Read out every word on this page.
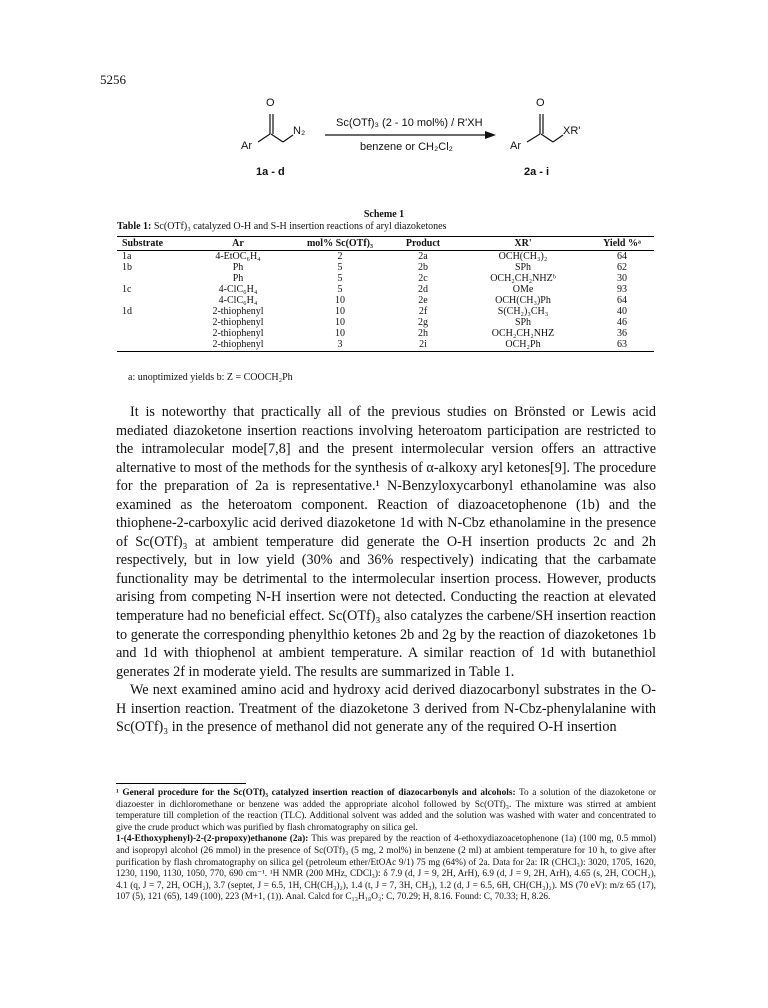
5256
O
Ar
N₂
Sc(OTf)₃ (2 - 10 mol%) / R'XH
benzene or CH₂Cl₂
O
Ar
XR'
1a - d	2a - i
Scheme 1
Table 1: Sc(OTf)₃ catalyzed O-H and S-H insertion reactions of aryl diazoketones
Substrate	Ar	mol% Sc(OTf)₃	Product	XR'	Yield %ᵃ
1a	4-EtOC₆H₄	2	2a	OCH(CH₃)₂	64
1b	Ph	5	2b	SPh	62
	Ph	5	2c	OCH₂CH₂NHZᵇ	30
1c	4-ClC₆H₄	5	2d	OMe	93
	4-ClC₆H₄	10	2e	OCH(CH₃)Ph	64
1d	2-thiophenyl	10	2f	S(CH₂)₃CH₃	40
	2-thiophenyl	10	2g	SPh	46
	2-thiophenyl	10	2h	OCH₂CH₂NHZ	36
	2-thiophenyl	3	2i	OCH₂Ph	63
a: unoptimized yields b: Z = COOCH₂Ph

It is noteworthy that practically all of the previous studies on Brönsted or Lewis acid mediated diazoketone insertion reactions involving heteroatom participation are restricted to the intramolecular mode[7,8] and the present intermolecular version offers an attractive alternative to most of the methods for the synthesis of α-alkoxy aryl ketones[9]. The procedure for the preparation of 2a is representative.¹ N-Benzyloxycarbonyl ethanolamine was also examined as the heteroatom component. Reaction of diazoacetophenone (1b) and the thiophene-2-carboxylic acid derived diazoketone 1d with N-Cbz ethanolamine in the presence of Sc(OTf)₃ at ambient temperature did generate the O-H insertion products 2c and 2h respectively, but in low yield (30% and 36% respectively) indicating that the carbamate functionality may be detrimental to the intermolecular insertion process. However, products arising from competing N-H insertion were not detected. Conducting the reaction at elevated temperature had no beneficial effect. Sc(OTf)₃ also catalyzes the carbene/SH insertion reaction to generate the corresponding phenylthio ketones 2b and 2g by the reaction of diazoketones 1b and 1d with thiophenol at ambient temperature. A similar reaction of 1d with butanethiol generates 2f in moderate yield. The results are summarized in Table 1.

We next examined amino acid and hydroxy acid derived diazocarbonyl substrates in the O-H insertion reaction. Treatment of the diazoketone 3 derived from N-Cbz-phenylalanine with Sc(OTf)₃ in the presence of methanol did not generate any of the required O-H insertion

¹ General procedure for the Sc(OTf)₃ catalyzed insertion reaction of diazocarbonyls and alcohols: To a solution of the diazoketone or diazoester in dichloromethane or benzene was added the appropriate alcohol followed by Sc(OTf)₃. The mixture was stirred at ambient temperature till completion of the reaction (TLC). Additional solvent was added and the solution was washed with water and concentrated to give the crude product which was purified by flash chromatography on silica gel.

1-(4-Ethoxyphenyl)-2-(2-propoxy)ethanone (2a): This was prepared by the reaction of 4-ethoxydiazoacetophenone (1a) (100 mg, 0.5 mmol) and isopropyl alcohol (26 mmol) in the presence of Sc(OTf)₃ (5 mg, 2 mol%) in benzene (2 ml) at ambient temperature for 10 h, to give after purification by flash chromatography on silica gel (petroleum ether/EtOAc 9/1) 75 mg (64%) of 2a. Data for 2a: IR (CHCl₃): 3020, 1705, 1620, 1230, 1190, 1130, 1050, 770, 690 cm⁻¹. ¹H NMR (200 MHz, CDCl₃): δ 7.9 (d, J = 9, 2H, ArH), 6.9 (d, J = 9, 2H, ArH), 4.65 (s, 2H, COCH₂), 4.1 (q, J = 7, 2H, OCH₂), 3.7 (septet, J = 6.5, 1H, CH(CH₃)₂), 1.4 (t, J = 7, 3H, CH₃), 1.2 (d, J = 6.5, 6H, CH(CH₃)₂). MS (70 eV): m/z 65 (17), 107 (5), 121 (65), 149 (100), 223 (M+1, (1)). Anal. Calcd for C₁₃H₁₈O₃: C, 70.29; H, 8.16. Found: C, 70.33; H, 8.26.
